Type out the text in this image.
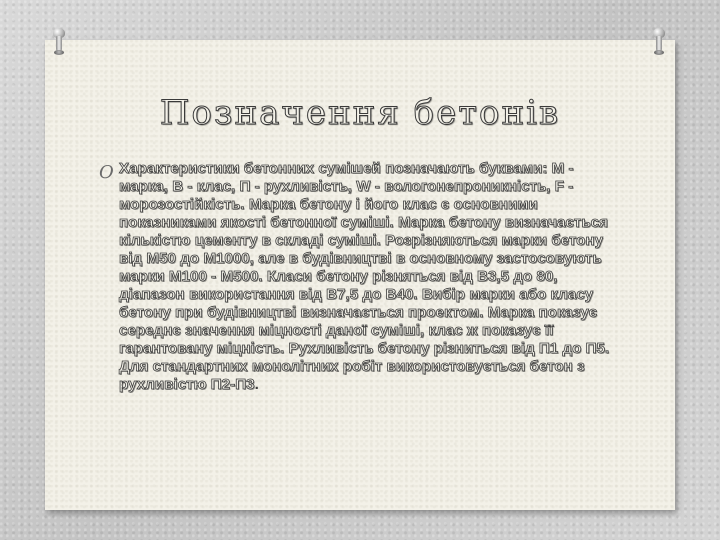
Позначення бетонів
O Характеристики бетонних сумішей позначають буквами: М - марка, В - клас, П - рухливість, W - вологонепроникність, F - морозостійкість. Марка бетону і його клас є основними показниками якості бетонної суміші. Марка бетону визначається кількістю цементу в складі суміші. Розрізняються марки бетону від М50 до М1000, але в будівництві в основному застосовують марки М100 - М500. Класи бетону різняться від В3,5 до 80, діапазон використання від В7,5 до В40. Вибір марки або класу бетону при будівництві визначається проектом. Марка показує середнє значення міцності даної суміші, клас ж показує її гарантовану міцність. Рухливість бетону різниться від П1 до П5. Для стандартних монолітних робіт використовується бетон з рухливістю П2-П3.
